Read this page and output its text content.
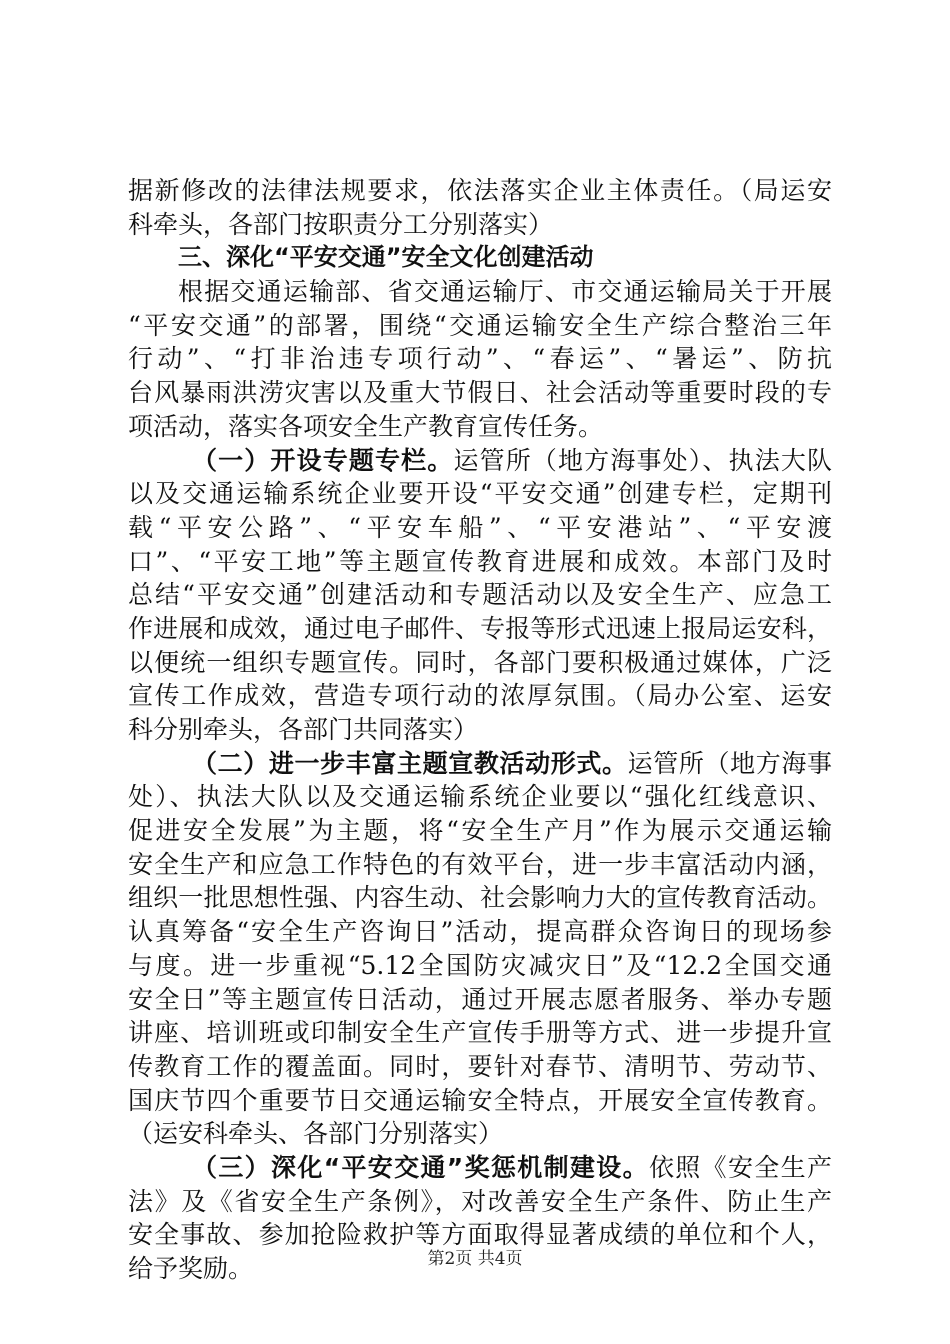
据新修改的法律法规要求，依法落实企业主体责任。（局运安
科牵头，各部门按职责分工分别落实）
三、深化“平安交通”安全文化创建活动
根据交通运输部、省交通运输厅、市交通运输局关于开展
“平安交通”的部署，围绕“交通运输安全生产综合整治三年
行动”、“打非治违专项行动”、“春运”、“暑运”、防抗
台风暴雨洪涝灾害以及重大节假日、社会活动等重要时段的专
项活动，落实各项安全生产教育宣传任务。
（一）开设专题专栏。运管所（地方海事处）、执法大队
以及交通运输系统企业要开设“平安交通”创建专栏，定期刊
载“平安公路”、“平安车船”、“平安港站”、“平安渡
口”、“平安工地”等主题宣传教育进展和成效。本部门及时
总结“平安交通”创建活动和专题活动以及安全生产、应急工
作进展和成效，通过电子邮件、专报等形式迅速上报局运安科，
以便统一组织专题宣传。同时，各部门要积极通过媒体，广泛
宣传工作成效，营造专项行动的浓厚氛围。（局办公室、运安
科分别牵头，各部门共同落实）
（二）进一步丰富主题宣教活动形式。运管所（地方海事
处）、执法大队以及交通运输系统企业要以“强化红线意识、
促进安全发展”为主题，将“安全生产月”作为展示交通运输
安全生产和应急工作特色的有效平台，进一步丰富活动内涵，
组织一批思想性强、内容生动、社会影响力大的宣传教育活动。
认真筹备“安全生产咨询日”活动，提高群众咨询日的现场参
与度。进一步重视“5.12全国防灾减灾日”及“12.2全国交通
安全日”等主题宣传日活动，通过开展志愿者服务、举办专题
讲座、培训班或印制安全生产宣传手册等方式、进一步提升宣
传教育工作的覆盖面。同时，要针对春节、清明节、劳动节、
国庆节四个重要节日交通运输安全特点，开展安全宣传教育。
（运安科牵头、各部门分别落实）
（三）深化“平安交通”奖惩机制建设。依照《安全生产
法》及《省安全生产条例》，对改善安全生产条件、防止生产
安全事故、参加抢险救护等方面取得显著成绩的单位和个人，
给予奖励。	第2页 共4页
